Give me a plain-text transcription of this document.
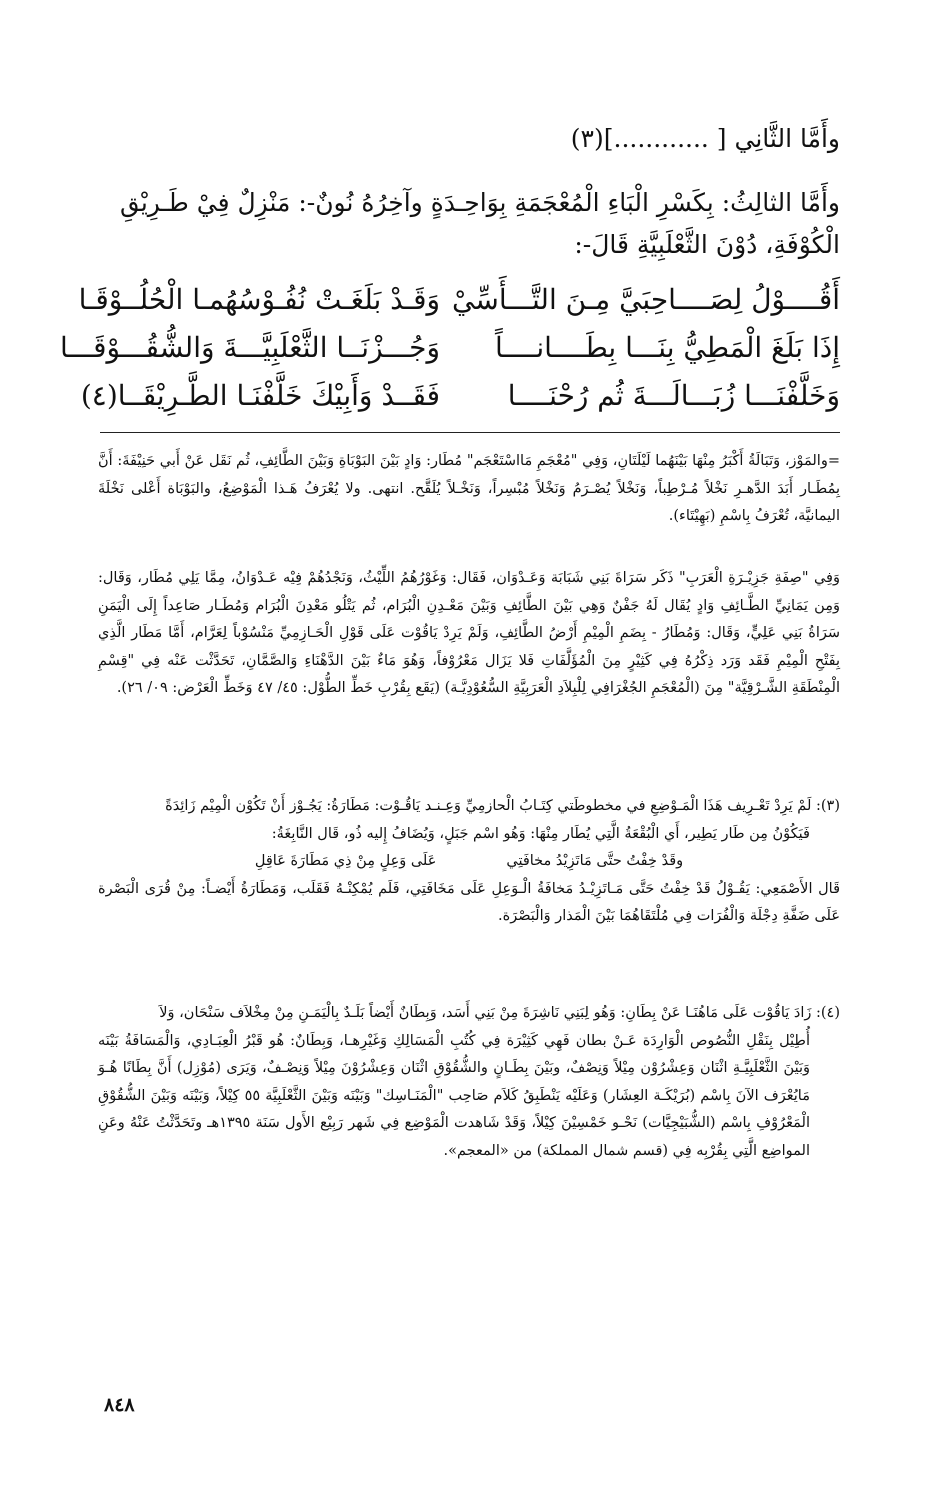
وأَمَّا الثَّانِي [ ............](٣)
وأَمَّا الثالِثُ: بِكَسْرِ الْبَاءِ الْمُعْجَمَةِ بِوَاحِـدَةٍ وآخِرُهُ نُونٌ-: مَنْزِلٌ فِيْ طَـرِيْقِ الْكُوْفَةِ، دُوْنَ الثَّعْلَبِيَّةِ قَالَ-:
أَقُــــوْلُ لِصَــــاحِبَيَّ مِـنَ التَّـــأَسِّيْ
وَقَـدْ بَلَغَـتْ نُفُـوْسُهُمـا الْحُلُــوْقَـا
إِذَا بَلَغَ الْمَطِيُّ بِنَـــا بِطَــــانــــاً
وَجُـــزْنَــا الثَّعْلَبِيَّـــةَ وَالشُّقُـــوْقَـــا
وَخَلَّفْنَـــا زُبَـــالَـــةَ ثُم رُحْنَــــا
فَقَــدْ وَأَبِيْكَ خَلَّفْنَـا الطَّـرِيْقَــا(٤)
=والمَوْز، وَتَبَالَةُ أَكْبَرُ مِنْهَا بَيْنَهُما لَيْلَتَانِ، وَفِي "مُعْجَمِ مَااسْتَعْجَم" مُطَار: وَادٍ بَيْنَ البَوْبَاةِ وَبَيْنَ الطَّائِفِ، ثُم نَقَل عَنْ أَبي حَنِيْفَةَ: أَنَّ بِمُطَـار أَبَدَ الدَّهـرِ نَخْلاً مُـرْطِباً، وَنَخْلاً يُصْـرَمُ وَنَخْلاً مُبْسِراً، وَنَخْـلاً يُلَقَّح. انتهى. ولا يُعْرَفُ هَـذا الْمَوْضِعُ، والبَوْبَاة أَعْلى نَخْلَةَ اليمانيَّة، تُعْرَفُ بِاسْمِ (بَهِيْتَاء).
وَفِي "صِفَةِ جَزِيْـرَةِ الْعَرَبِ" ذَكَر سَرَاةَ بَنِي شَبَابَة وَعَـدْوَان، فَقَال: وَغَوْرُهُمُ اللِّيْثُ، وَنَجْدُهُمْ فِيْه عَـدْوَانُ، مِمَّا يَلِي مُطَار، وَقَال: وَمِن يَمَانِيِّ الطَّـائِفِ وَادٍ يُقَال لَهُ جَفْنٌ وَهِي بَيْنَ الطَّائِفِ وَبَيْنَ مَعْـدِنِ الْبُرَام، ثُم يَتْلُو مَعْدِنَ الْبُرَام وَمُطَـار صَاعِداً إِلَى الْيَمَنِ سَرَاةُ بَنِي عَلِيٍّ، وَقَال: وَمُطَارُ - بِضَمِ الْمِيْمِ أَرْضُ الطَّائِفِ، وَلَمْ يَرِدْ يَاقُوْت عَلَى قَوْلِ الْحَـازِمِيِّ مَنْسُوْباً لِعَرَّام، أَمَّا مَطَار الَّذِي بِفَتْحِ الْمِيْمِ فَقَد وَرَد ذِكْرُهُ فِي كَثِيْرٍ مِنَ الْمُؤَلَّفَاتِ فَلا يَزَال مَعْرُوْفاً، وَهُوَ مَاءٌ بَيْنَ الدَّهْنَاءِ وَالصَّمَّانِ، تَحَدَّثْت عَنْه فِي "قِسْمِ الْمِنْطَقَةِ الشَّـرْقِيَّة" مِنَ (الْمُعْجَمِ الجُغْرَافِي لِلْبِلاَدِ الْعَرَبِيَّةِ السُّعُوْدِيَّـة) (يَقَع بِقُرْبِ خَطِّ الطُّوْل: ٤٥/ ٤٧ وَخَطِّ الْعَرْض: ٠٩/ ٢٦).
(٣): لَمْ يَرِدْ تَعْـرِيف هَذَا الْمَـوْضِعِ في مخطوطَتي كِتَـابُ الْحازمِيِّ وَعِـنـد يَاقُـوْت: مَطَارَةُ: يَجُـوْز أَنْ تَكُوْن الْمِيْم زَائِدَةً
فَيَكُوْنُ مِن طَار يَطِير، أَي الْبُقْعَةُ الَّتِي يُطَار مِنْهَا: وَهُو اسْم جَبَلٍ، وَيُضَافُ إِليه ذُو، قَال النَّابِغَةُ:
وقَدْ خِفْتُ حتَّى مَاتَزِيْدُ مخافَتِي
عَلَى وَعِلٍ مِنْ ذِي مَطَارَةَ عَاقِلِ
قَال الأَصْمَعِي: يَقُـوْلُ قَدْ خِفْتُ حَتَّى مَـاتَزِيْـدُ مَخافَةُ الْـوَعِلِ عَلَى مَخَافَتِي، فَلَم يُمْكِنْـهُ فَقَلَب، وَمَطَارَةُ أَيْضـاً: مِنْ قُرَى الْبَصْرة عَلَى ضَفَّةِ دِجْلَة وَالْفُرَات فِي مُلْتَقَاهُمَا بَيْنَ الْمَذار وَالْبَصْرَة.
(٤): زَادَ يَاقُوْت عَلَى مَاهُنَـا عَنْ بِطَانِ: وَهُو لِبَنِي نَاشِرَةَ مِنْ بَنِي أَسَد، وَبِطَانٌ أَيْضاً بَلَـدٌ بِالْيَمَـنِ مِنْ مِخْلاَف سَنْحَان، وَلاَ
أُطِيْل بِنَقْلِ النُّصُوص الْوَارِدَة عَـنْ بطان فَهِي كَثِيْرَة فِي كُتُبِ الْمَسَالِكِ وَغَيْرِهـا، وَبِطَانٌ: هُو قَبْرُ الْعِبَـادِي، وَالْمَسَافَةُ بَيْنَه وَبَيْنَ الثَّعْلَبِيَّـةِ اثْنَان وَعِشْرُوْن مِيْلاً وَنِصْفٌ، وبَيْنَ بِطَـانٍ والشُّقُوْقِ اثْنَان وَعِشْرُوْنَ مِيْلاً وَنِصْـفٌ، وَيَرَى (مُوْزِل) أَنَّ بِطَانًا هُـوَ مَايُعْرَف الآنَ بِاسْم (بُرَيْكَـة العِشَار) وَعَلَيْه يَنْطَبِقُ كَلاَم صَاحِب "الْمَنَـاسِك" وَبَيْنَه وَبَيْنَ الثَّعْلَبِيَّة ٥٥ كِيْلاً، وَبَيْنَه وَبَيْنَ الشُّقُوْقِ الْمَعْرُوْفِ بِاسْم (الشُّبَيْجِيَّات) نَحْـو خَمْسِيْنَ كِيْلاً، وَقَدْ شَاهدت الْمَوْضِع فِي شَهر رَبِيْع الأَول سَنَة ١٣٩٥هـ وتَحَدَّثْتُ عَنْهُ وعَنِ المواضِع الَّتِي بِقُرْبِه فِي (قسم شمال المملكة) من «المعجم».
٨٤٨
